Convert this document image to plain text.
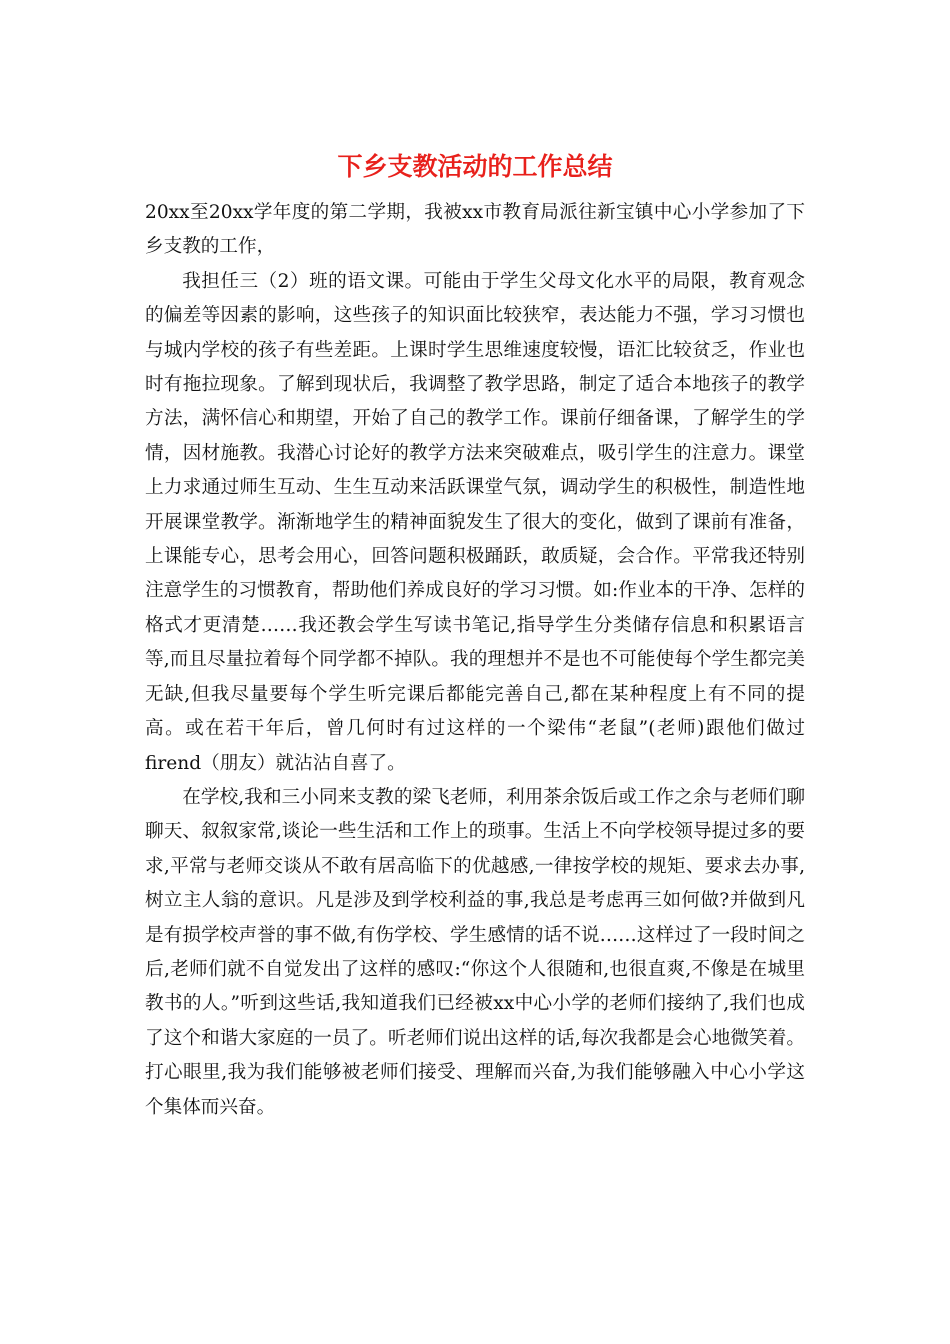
下乡支教活动的工作总结

20xx至20xx学年度的第二学期，我被xx市教育局派往新宝镇中心小学参加了下乡支教的工作，

我担任三（2）班的语文课。可能由于学生父母文化水平的局限，教育观念的偏差等因素的影响，这些孩子的知识面比较狭窄，表达能力不强，学习习惯也与城内学校的孩子有些差距。上课时学生思维速度较慢，语汇比较贫乏，作业也时有拖拉现象。了解到现状后，我调整了教学思路，制定了适合本地孩子的教学方法，满怀信心和期望，开始了自己的教学工作。课前仔细备课，了解学生的学情，因材施教。我潜心讨论好的教学方法来突破难点，吸引学生的注意力。课堂上力求通过师生互动、生生互动来活跃课堂气氛，调动学生的积极性，制造性地开展课堂教学。渐渐地学生的精神面貌发生了很大的变化，做到了课前有准备，上课能专心，思考会用心，回答问题积极踊跃，敢质疑，会合作。平常我还特别注意学生的习惯教育，帮助他们养成良好的学习习惯。如:作业本的干净、怎样的格式才更清楚……我还教会学生写读书笔记,指导学生分类储存信息和积累语言等,而且尽量拉着每个同学都不掉队。我的理想并不是也不可能使每个学生都完美无缺,但我尽量要每个学生听完课后都能完善自己,都在某种程度上有不同的提高。或在若干年后，曾几何时有过这样的一个梁伟“老鼠”(老师)跟他们做过firend（朋友）就沾沾自喜了。

在学校,我和三小同来支教的梁飞老师，利用茶余饭后或工作之余与老师们聊聊天、叙叙家常,谈论一些生活和工作上的琐事。生活上不向学校领导提过多的要求,平常与老师交谈从不敢有居高临下的优越感,一律按学校的规矩、要求去办事,树立主人翁的意识。凡是涉及到学校利益的事,我总是考虑再三如何做?并做到凡是有损学校声誉的事不做,有伤学校、学生感情的话不说……这样过了一段时间之后,老师们就不自觉发出了这样的感叹:“你这个人很随和,也很直爽,不像是在城里教书的人。”听到这些话,我知道我们已经被xx中心小学的老师们接纳了,我们也成了这个和谐大家庭的一员了。听老师们说出这样的话,每次我都是会心地微笑着。打心眼里,我为我们能够被老师们接受、理解而兴奋,为我们能够融入中心小学这个集体而兴奋。
